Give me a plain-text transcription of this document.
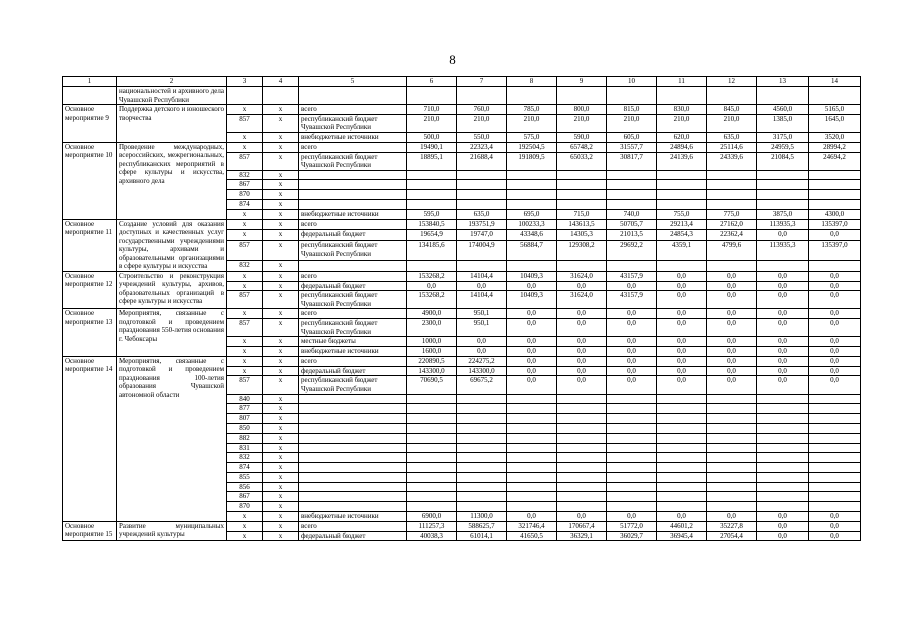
8
1	2	3	4	5	6	7	8	9	10	11	12	13	14
	национальностей и архивного дела Чувашской Республики												
Основное мероприятие 9	Поддержка детского и юношеского творчества	х	х	всего	710,0	760,0	785,0	800,0	815,0	830,0	845,0	4560,0	5165,0
		857	х	республиканский бюджет Чувашской Республики	210,0	210,0	210,0	210,0	210,0	210,0	210,0	1385,0	1645,0
		х	х	внебюджетные источники	500,0	550,0	575,0	590,0	605,0	620,0	635,0	3175,0	3520,0
Основное мероприятие 10	Проведение международных, всероссийских, межрегиональных, республиканских мероприятий в сфере культуры и искусства, архивного дела	х	х	всего	19490,1	22323,4	192504,5	65748,2	31557,7	24894,6	25114,6	24959,5	28994,2
		857	х	республиканский бюджет Чувашской Республики	18895,1	21688,4	191809,5	65033,2	30817,7	24139,6	24339,6	21084,5	24694,2
		832	х										
		867	х										
		870	х										
		874	х										
		х	х	внебюджетные источники	595,0	635,0	695,0	715,0	740,0	755,0	775,0	3875,0	4300,0
Основное мероприятие 11	Создание условий для оказания доступных и качественных услуг государственными учреждениями культуры, архивами и образовательными организациями в сфере культуры и искусства	х	х	всего	153840,5	193751,9	100233,3	143613,5	50705,7	29213,4	27162,0	113935,3	135397,0
		х	х	федеральный бюджет	19654,9	19747,0	43348,6	14305,3	21013,5	24854,3	22362,4	0,0	0,0
		857	х	республиканский бюджет Чувашской Республики	134185,6	174004,9	56884,7	129308,2	29692,2	4359,1	4799,6	113935,3	135397,0
		832	х										
Основное мероприятие 12	Строительство и реконструкция учреждений культуры, архивов, образовательных организаций в сфере культуры и искусства	х	х	всего	153268,2	14104,4	10409,3	31624,0	43157,9	0,0	0,0	0,0	0,0
		х	х	федеральный бюджет	0,0	0,0	0,0	0,0	0,0	0,0	0,0	0,0	0,0
		857	х	республиканский бюджет Чувашской Республики	153268,2	14104,4	10409,3	31624,0	43157,9	0,0	0,0	0,0	0,0
Основное мероприятие 13	Мероприятия, связанные с подготовкой и проведением празднования 550-летия основания г. Чебоксары	х	х	всего	4900,0	950,1	0,0	0,0	0,0	0,0	0,0	0,0	0,0
		857	х	республиканский бюджет Чувашской Республики	2300,0	950,1	0,0	0,0	0,0	0,0	0,0	0,0	0,0
		х	х	местные бюджеты	1000,0	0,0	0,0	0,0	0,0	0,0	0,0	0,0	0,0
		х	х	внебюджетные источники	1600,0	0,0	0,0	0,0	0,0	0,0	0,0	0,0	0,0
Основное мероприятие 14	Мероприятия, связанные с подготовкой и проведением празднования 100-летия образования Чувашской автономной области	х	х	всего	220890,5	224275,2	0,0	0,0	0,0	0,0	0,0	0,0	0,0
		х	х	федеральный бюджет	143300,0	143300,0	0,0	0,0	0,0	0,0	0,0	0,0	0,0
		857	х	республиканский бюджет Чувашской Республики	70690,5	69675,2	0,0	0,0	0,0	0,0	0,0	0,0	0,0
		840	х										
		877	х										
		807	х										
		850	х										
		882	х										
		831	х										
		832	х										
		874	х										
		855	х										
		856	х										
		867	х										
		870	х										
		х	х	внебюджетные источники	6900,0	11300,0	0,0	0,0	0,0	0,0	0,0	0,0	0,0
Основное мероприятие 15	Развитие муниципальных учреждений культуры	х	х	всего	111257,3	588625,7	321746,4	170667,4	51772,0	44601,2	35227,8	0,0	0,0
		х	х	федеральный бюджет	40038,3	61014,1	41650,5	36329,1	36029,7	36945,4	27054,4	0,0	0,0
